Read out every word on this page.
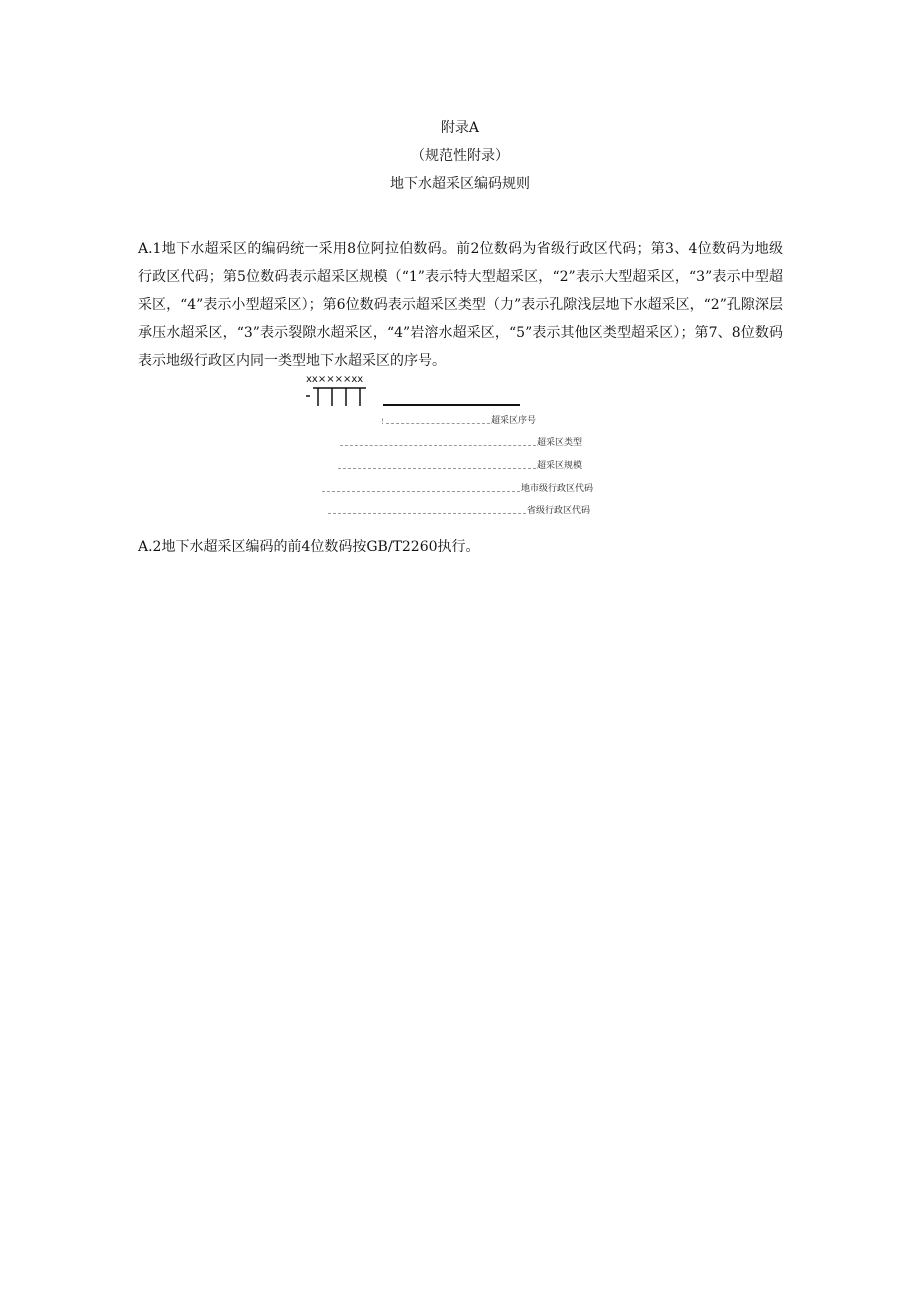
附录A
（规范性附录）
地下水超采区编码规则

A.1地下水超采区的编码统一采用8位阿拉伯数码。前2位数码为省级行政区代码；第3、4位数码为地级行政区代码；第5位数码表示超采区规模（“1”表示特大型超采区，“2”表示大型超采区，“3”表示中型超采区，“4”表示小型超采区）；第6位数码表示超采区类型（力”表示孔隙浅层地下水超采区，“2”孔隙深层承压水超采区，“3”表示裂隙水超采区，“4”岩溶水超采区，“5”表示其他区类型超采区）；第7、8位数码表示地级行政区内同一类型地下水超采区的序号。

xx××××xx
!	超采区序号
超采区类型
超采区规模
地市级行政区代码
省级行政区代码

A.2地下水超采区编码的前4位数码按GB/T2260执行。
